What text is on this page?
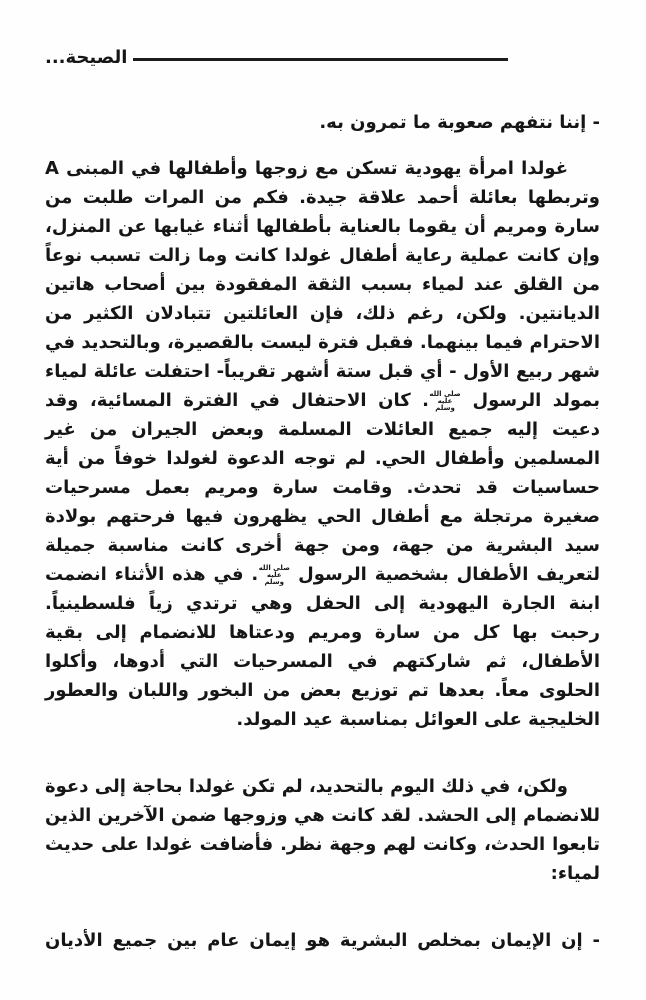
الصيحة...

- إننا نتفهم صعوبة ما تمرون به.

غولدا امرأة يهودية تسكن مع زوجها وأطفالها في المبنى A وتربطها بعائلة أحمد علاقة جيدة. فكم من المرات طلبت من سارة ومريم أن يقوما بالعناية بأطفالها أثناء غيابها عن المنزل، وإن كانت عملية رعاية أطفال غولدا كانت وما زالت تسبب نوعاً من القلق عند لمياء بسبب الثقة المفقودة بين أصحاب هاتين الديانتين. ولكن، رغم ذلك، فإن العائلتين تتبادلان الكثير من الاحترام فيما بينهما. فقبل فترة ليست بالقصيرة، وبالتحديد في شهر ربيع الأول - أي قبل ستة أشهر تقريباً- احتفلت عائلة لمياء بمولد الرسول صلى الله عليه وسلم. كان الاحتفال في الفترة المسائية، وقد دعيت إليه جميع العائلات المسلمة وبعض الجيران من غير المسلمين وأطفال الحي. لم توجه الدعوة لغولدا خوفاً من أية حساسيات قد تحدث. وقامت سارة ومريم بعمل مسرحيات صغيرة مرتجلة مع أطفال الحي يظهرون فيها فرحتهم بولادة سيد البشرية من جهة، ومن جهة أخرى كانت مناسبة جميلة لتعريف الأطفال بشخصية الرسول صلى الله عليه وسلم. في هذه الأثناء انضمت ابنة الجارة اليهودية إلى الحفل وهي ترتدي زياً فلسطينياً. رحبت بها كل من سارة ومريم ودعتاها للانضمام إلى بقية الأطفال، ثم شاركتهم في المسرحيات التي أدوها، وأكلوا الحلوى معاً. بعدها تم توزيع بعض من البخور واللبان والعطور الخليجية على العوائل بمناسبة عيد المولد.

ولكن، في ذلك اليوم بالتحديد، لم تكن غولدا بحاجة إلى دعوة للانضمام إلى الحشد. لقد كانت هي وزوجها ضمن الآخرين الذين تابعوا الحدث، وكانت لهم وجهة نظر. فأضافت غولدا على حديث لمياء:

- إن الإيمان بمخلص البشرية هو إيمان عام بين جميع الأديان
